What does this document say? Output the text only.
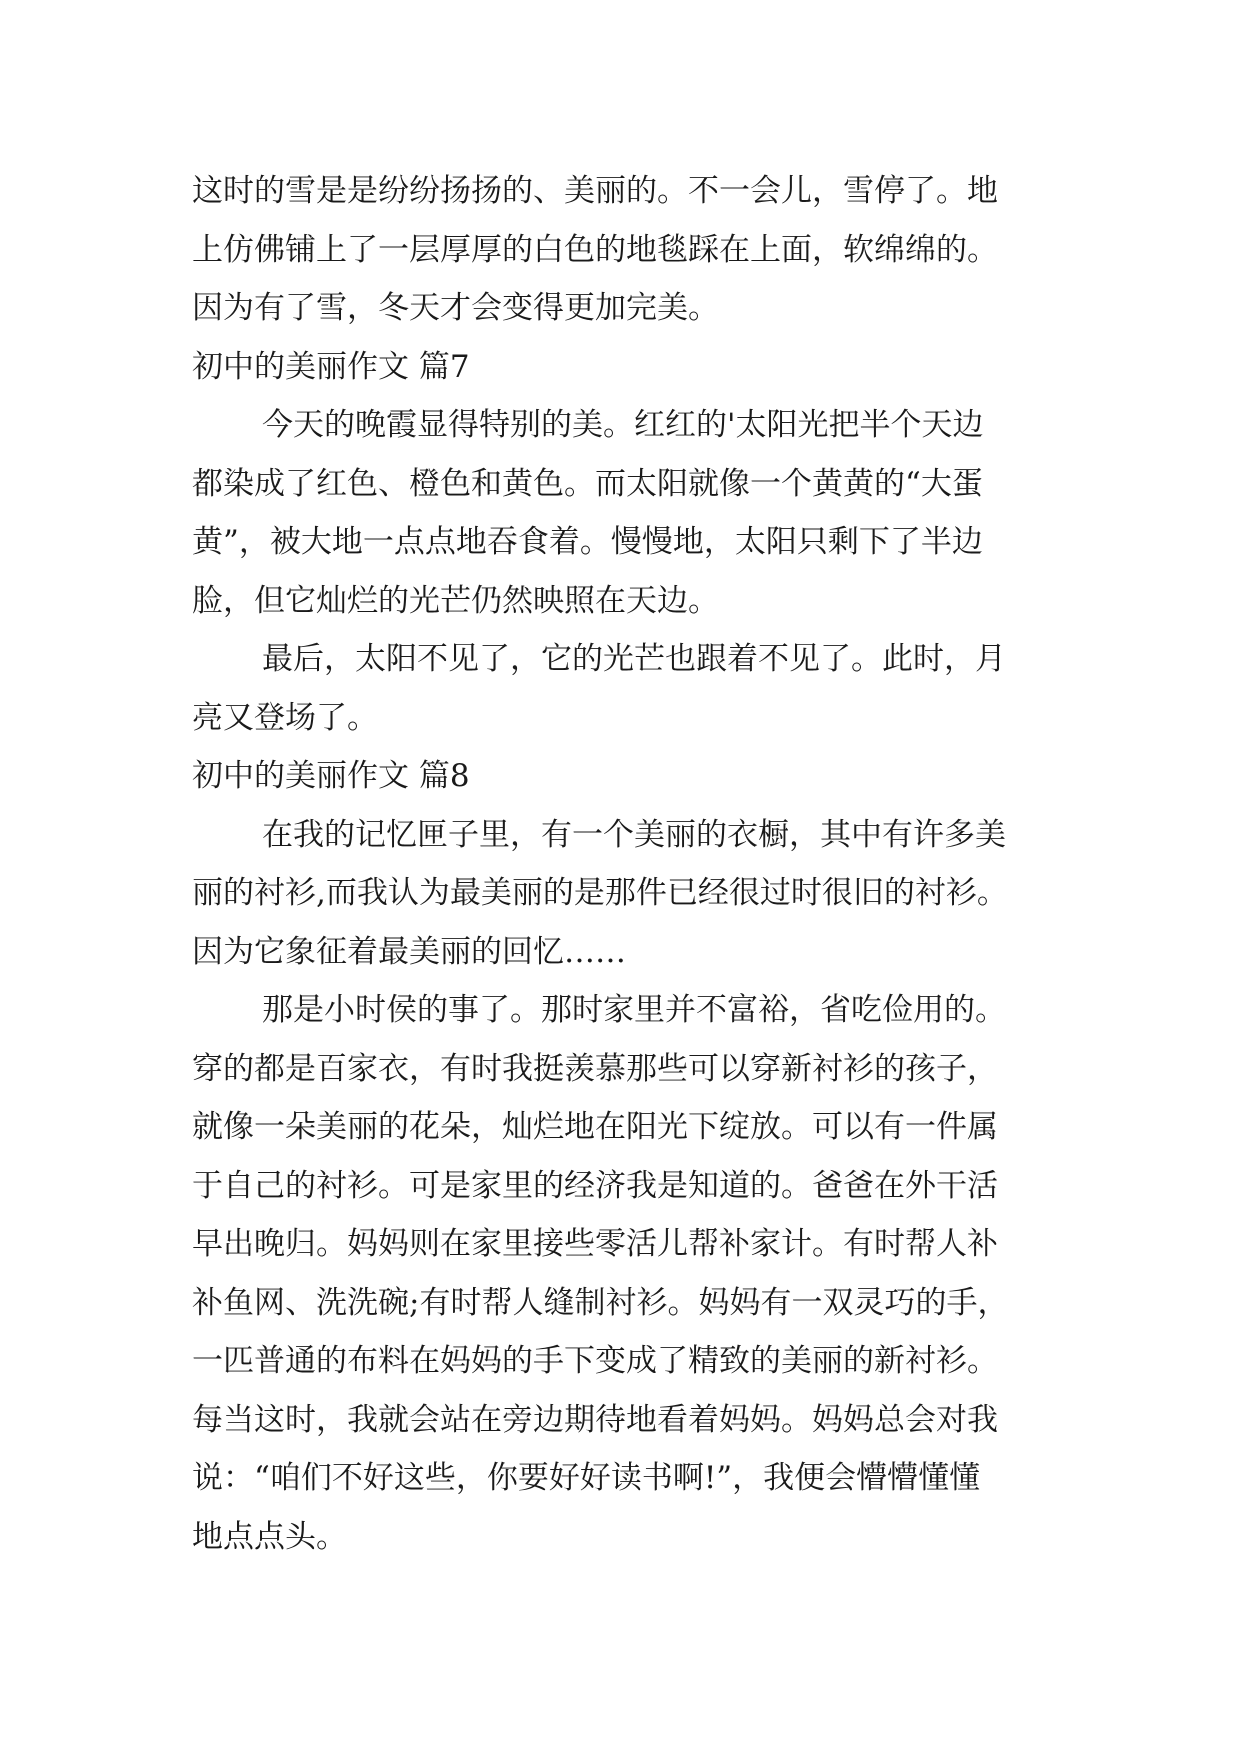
这时的雪是是纷纷扬扬的、美丽的。不一会儿，雪停了。地
上仿佛铺上了一层厚厚的白色的地毯踩在上面，软绵绵的。
因为有了雪，冬天才会变得更加完美。
初中的美丽作文 篇7
今天的晚霞显得特别的美。红红的'太阳光把半个天边
都染成了红色、橙色和黄色。而太阳就像一个黄黄的“大蛋
黄”，被大地一点点地吞食着。慢慢地，太阳只剩下了半边
脸，但它灿烂的光芒仍然映照在天边。
最后，太阳不见了，它的光芒也跟着不见了。此时，月
亮又登场了。
初中的美丽作文 篇8
在我的记忆匣子里，有一个美丽的衣橱，其中有许多美
丽的衬衫,而我认为最美丽的是那件已经很过时很旧的衬衫。
因为它象征着最美丽的回忆……
那是小时侯的事了。那时家里并不富裕，省吃俭用的。
穿的都是百家衣，有时我挺羡慕那些可以穿新衬衫的孩子，
就像一朵美丽的花朵，灿烂地在阳光下绽放。可以有一件属
于自己的衬衫。可是家里的经济我是知道的。爸爸在外干活
早出晚归。妈妈则在家里接些零活儿帮补家计。有时帮人补
补鱼网、洗洗碗;有时帮人缝制衬衫。妈妈有一双灵巧的手，
一匹普通的布料在妈妈的手下变成了精致的美丽的新衬衫。
每当这时，我就会站在旁边期待地看着妈妈。妈妈总会对我
说：“咱们不好这些，你要好好读书啊!”，我便会懵懵懂懂
地点点头。
